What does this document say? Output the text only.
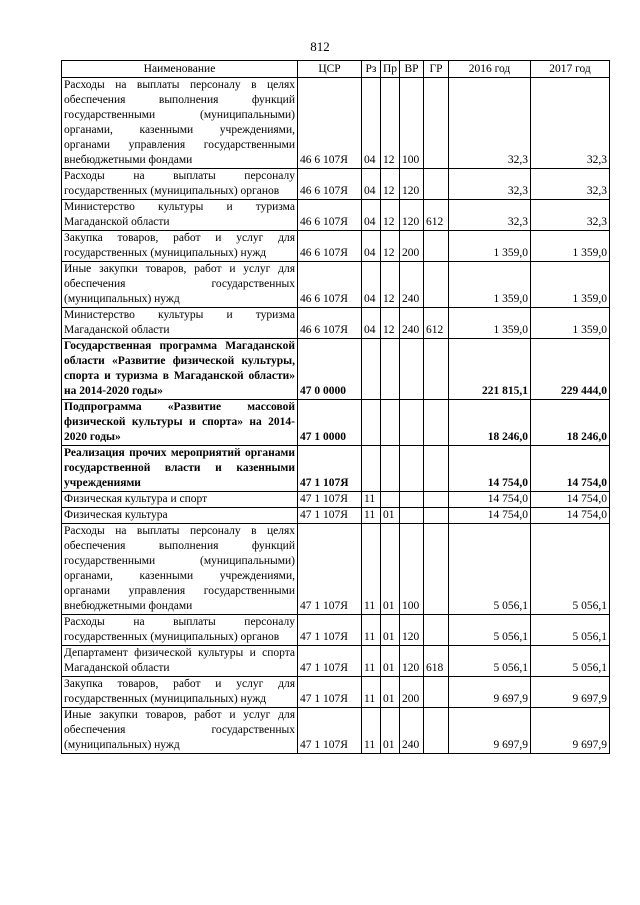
812
Наименование	ЦСР	Рз	Пр	ВР	ГР	2016 год	2017 год
Расходы на выплаты персоналу в целях обеспечения выполнения функций государственными (муниципальными) органами, казенными учреждениями, органами управления государственными внебюджетными фондами	46 6 107Я	04	12	100		32,3	32,3
Расходы на выплаты персоналу государственных (муниципальных) органов	46 6 107Я	04	12	120		32,3	32,3
Министерство культуры и туризма Магаданской области	46 6 107Я	04	12	120	612	32,3	32,3
Закупка товаров, работ и услуг для государственных (муниципальных) нужд	46 6 107Я	04	12	200		1 359,0	1 359,0
Иные закупки товаров, работ и услуг для обеспечения государственных (муниципальных) нужд	46 6 107Я	04	12	240		1 359,0	1 359,0
Министерство культуры и туризма Магаданской области	46 6 107Я	04	12	240	612	1 359,0	1 359,0
Государственная программа Магаданской области «Развитие физической культуры, спорта и туризма в Магаданской области» на 2014-2020 годы»	47 0 0000					221 815,1	229 444,0
Подпрограмма «Развитие массовой физической культуры и спорта» на 2014-2020 годы»	47 1 0000					18 246,0	18 246,0
Реализация прочих мероприятий органами государственной власти и казенными учреждениями	47 1 107Я					14 754,0	14 754,0
Физическая культура и спорт	47 1 107Я	11				14 754,0	14 754,0
Физическая культура	47 1 107Я	11	01			14 754,0	14 754,0
Расходы на выплаты персоналу в целях обеспечения выполнения функций государственными (муниципальными) органами, казенными учреждениями, органами управления государственными внебюджетными фондами	47 1 107Я	11	01	100		5 056,1	5 056,1
Расходы на выплаты персоналу государственных (муниципальных) органов	47 1 107Я	11	01	120		5 056,1	5 056,1
Департамент физической культуры и спорта Магаданской области	47 1 107Я	11	01	120	618	5 056,1	5 056,1
Закупка товаров, работ и услуг для государственных (муниципальных) нужд	47 1 107Я	11	01	200		9 697,9	9 697,9
Иные закупки товаров, работ и услуг для обеспечения государственных (муниципальных) нужд	47 1 107Я	11	01	240		9 697,9	9 697,9
